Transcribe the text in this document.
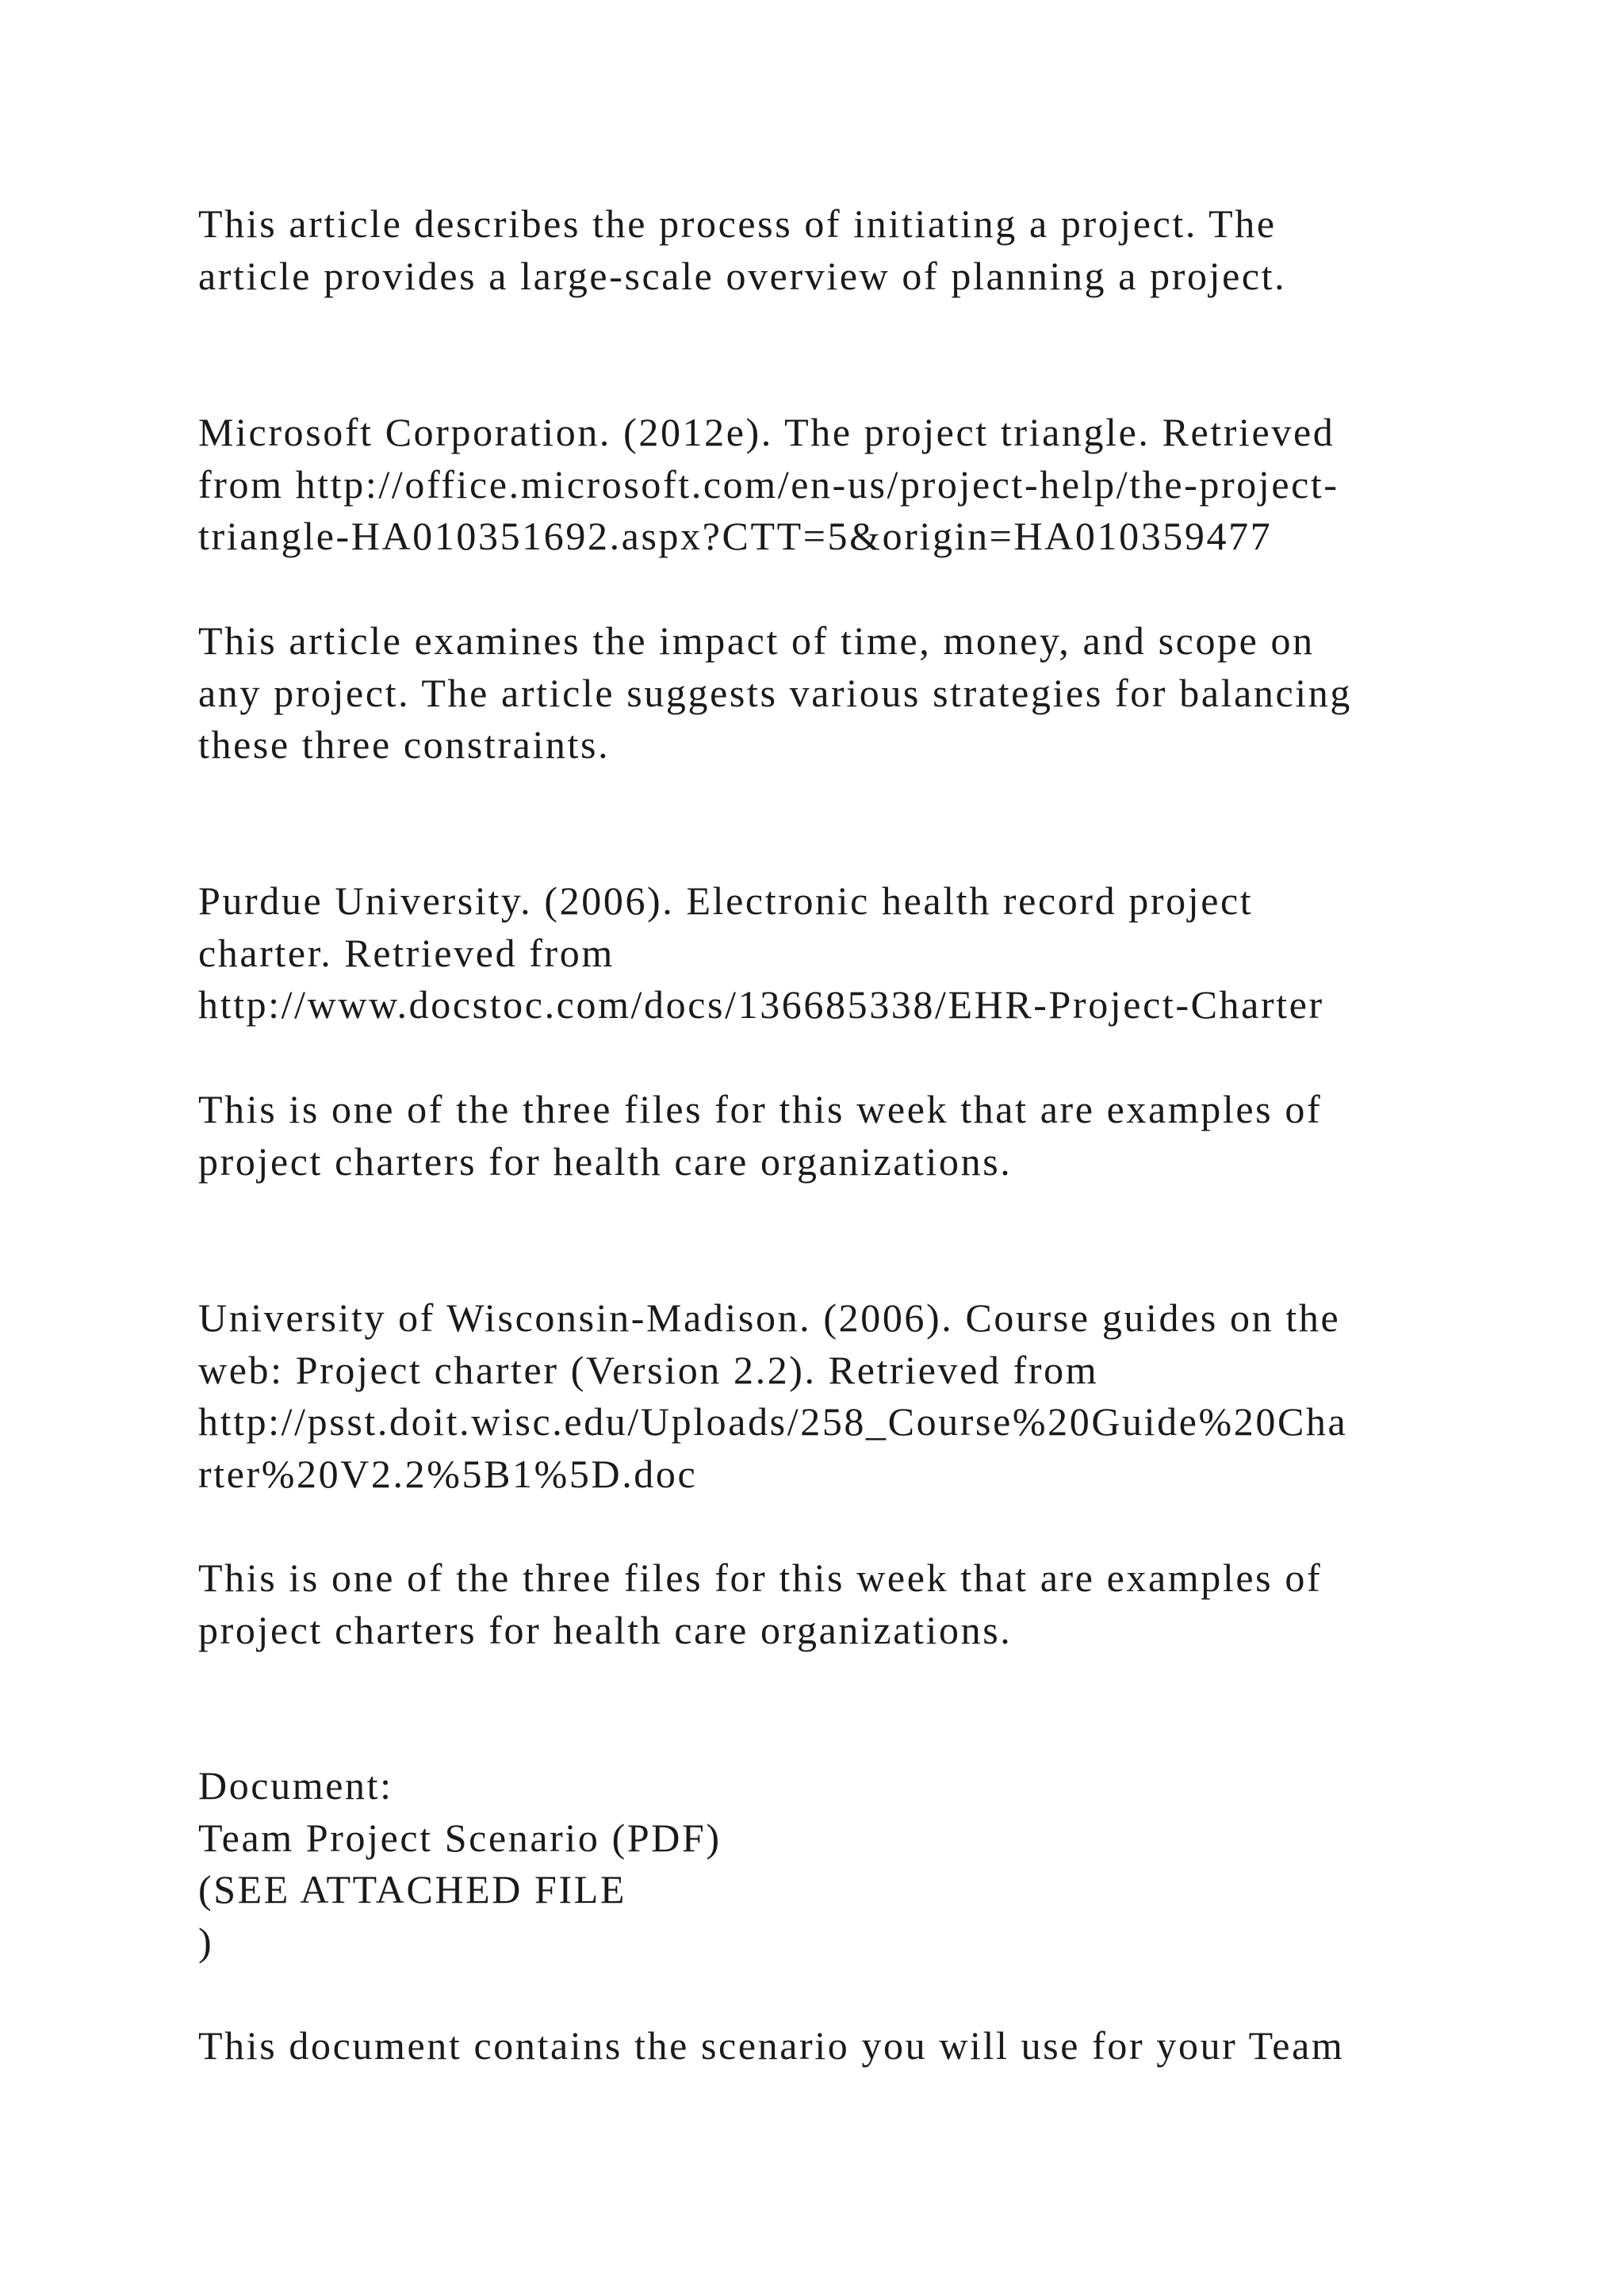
This article describes the process of initiating a project. The
article provides a large-scale overview of planning a project.

Microsoft Corporation. (2012e). The project triangle. Retrieved
from http://office.microsoft.com/en-us/project-help/the-project-
triangle-HA010351692.aspx?CTT=5&origin=HA010359477

This article examines the impact of time, money, and scope on
any project. The article suggests various strategies for balancing
these three constraints.

Purdue University. (2006). Electronic health record project
charter. Retrieved from
http://www.docstoc.com/docs/136685338/EHR-Project-Charter

This is one of the three files for this week that are examples of
project charters for health care organizations.

University of Wisconsin-Madison. (2006). Course guides on the
web: Project charter (Version 2.2). Retrieved from
http://psst.doit.wisc.edu/Uploads/258_Course%20Guide%20Cha
rter%20V2.2%5B1%5D.doc

This is one of the three files for this week that are examples of
project charters for health care organizations.

Document:
Team Project Scenario (PDF)
(SEE ATTACHED FILE
)

This document contains the scenario you will use for your Team
